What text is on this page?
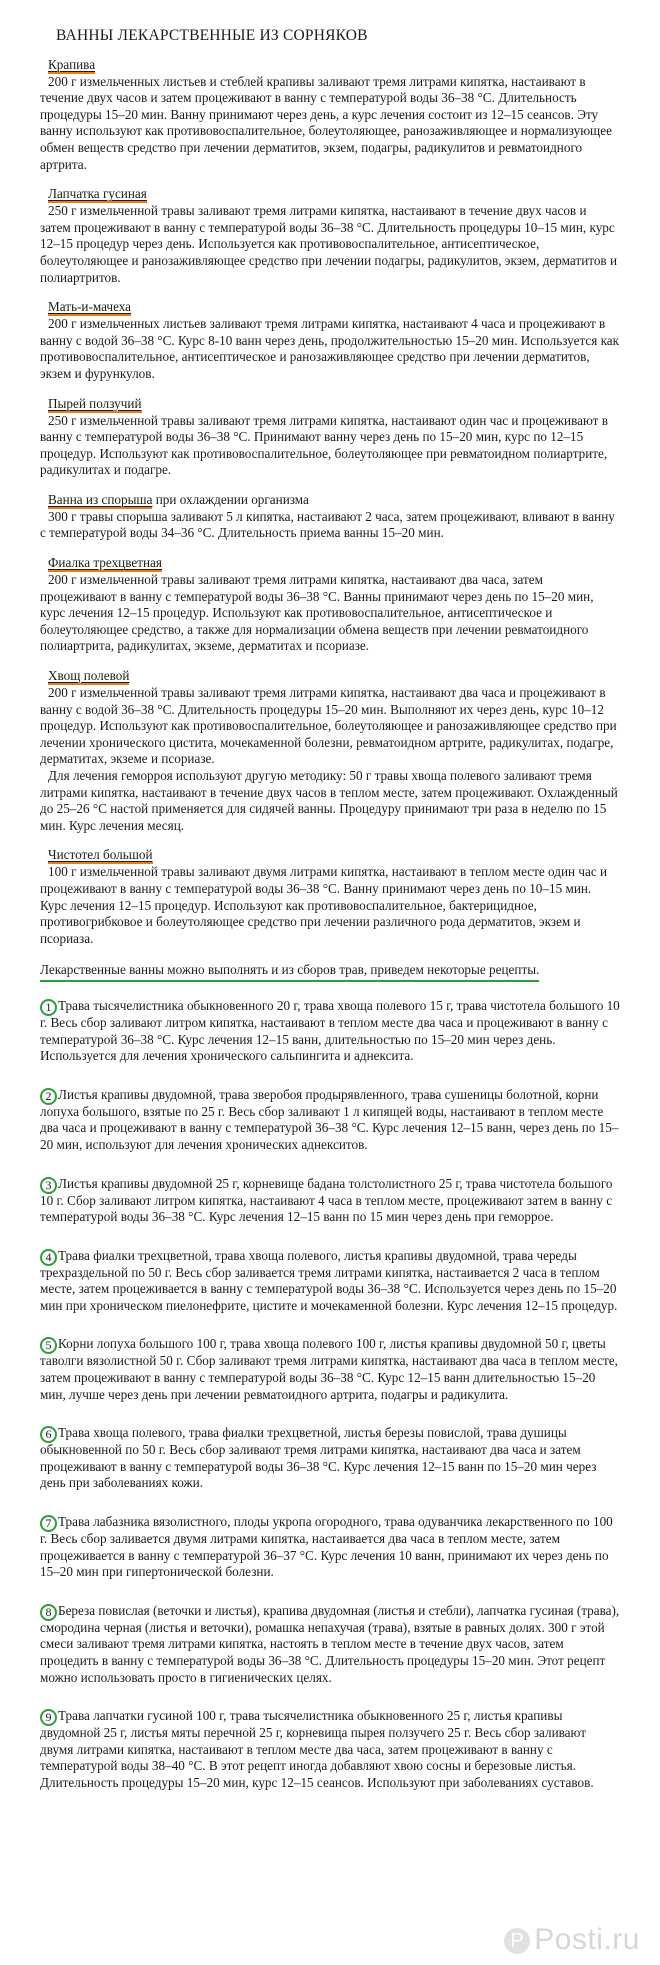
ВАННЫ ЛЕКАРСТВЕННЫЕ ИЗ СОРНЯКОВ
Крапива

200 г измельченных листьев и стеблей крапивы заливают тремя литрами кипятка, настаивают в течение двух часов и затем процеживают в ванну с температурой воды 36–38 °C. Длительность процедуры 15–20 мин. Ванну принимают через день, а курс лечения состоит из 12–15 сеансов. Эту ванну используют как противовоспалительное, болеутоляющее, ранозаживляющее и нормализующее обмен веществ средство при лечении дерматитов, экзем, подагры, радикулитов и ревматоидного артрита.

Лапчатка гусиная

250 г измельченной травы заливают тремя литрами кипятка, настаивают в течение двух часов и затем процеживают в ванну с температурой воды 36–38 °C. Длительность процедуры 10–15 мин, курс 12–15 процедур через день. Используется как противовоспалительное, антисептическое, болеутоляющее и ранозаживляющее средство при лечении подагры, радикулитов, экзем, дерматитов и полиартритов.

Мать-и-мачеха

200 г измельченных листьев заливают тремя литрами кипятка, настаивают 4 часа и процеживают в ванну с водой 36–38 °C. Курс 8-10 ванн через день, продолжительностью 15–20 мин. Используется как противовоспалительное, антисептическое и ранозаживляющее средство при лечении дерматитов, экзем и фурункулов.

Пырей ползучий

250 г измельченной травы заливают тремя литрами кипятка, настаивают один час и процеживают в ванну с температурой воды 36–38 °C. Принимают ванну через день по 15–20 мин, курс по 12–15 процедур. Используют как противовоспалительное, болеутоляющее при ревматоидном полиартрите, радикулитах и подагре.

Ванна из спорыша при охлаждении организма

300 г травы спорыша заливают 5 л кипятка, настаивают 2 часа, затем процеживают, вливают в ванну с температурой воды 34–36 °C. Длительность приема ванны 15–20 мин.

Фиалка трехцветная

200 г измельченной травы заливают тремя литрами кипятка, настаивают два часа, затем процеживают в ванну с температурой воды 36–38 °C. Ванны принимают через день по 15–20 мин, курс лечения 12–15 процедур. Используют как противовоспалительное, антисептическое и болеутоляющее средство, а также для нормализации обмена веществ при лечении ревматоидного полиартрита, радикулитах, экземе, дерматитах и псориазе.

Хвощ полевой

200 г измельченной травы заливают тремя литрами кипятка, настаивают два часа и процеживают в ванну с водой 36–38 °C. Длительность процедуры 15–20 мин. Выполняют их через день, курс 10–12 процедур. Используют как противовоспалительное, болеутоляющее и ранозаживляющее средство при лечении хронического цистита, мочекаменной болезни, ревматоидном артрите, радикулитах, подагре, дерматитах, экземе и псориазе.

Для лечения геморроя используют другую методику: 50 г травы хвоща полевого заливают тремя литрами кипятка, настаивают в течение двух часов в теплом месте, затем процеживают. Охлажденный до 25–26 °C настой применяется для сидячей ванны. Процедуру принимают три раза в неделю по 15 мин. Курс лечения месяц.

Чистотел большой

100 г измельченной травы заливают двумя литрами кипятка, настаивают в теплом месте один час и процеживают в ванну с температурой воды 36–38 °C. Ванну принимают через день по 10–15 мин. Курс лечения 12–15 процедур. Используют как противовоспалительное, бактерицидное, противогрибковое и болеутоляющее средство при лечении различного рода дерматитов, экзем и псориаза.

Лекарственные ванны можно выполнять и из сборов трав, приведем некоторые рецепты.

1 Трава тысячелистника обыкновенного 20 г, трава хвоща полевого 15 г, трава чистотела большого 10 г. Весь сбор заливают литром кипятка, настаивают в теплом месте два часа и процеживают в ванну с температурой 36–38 °C. Курс лечения 12–15 ванн, длительностью по 15–20 мин через день. Используется для лечения хронического сальпингита и аднексита.

2 Листья крапивы двудомной, трава зверобоя продырявленного, трава сушеницы болотной, корни лопуха большого, взятые по 25 г. Весь сбор заливают 1 л кипящей воды, настаивают в теплом месте два часа и процеживают в ванну с температурой 36–38 °C. Курс лечения 12–15 ванн, через день по 15–20 мин, используют для лечения хронических аднекситов.

3 Листья крапивы двудомной 25 г, корневище бадана толстолистного 25 г, трава чистотела большого 10 г. Сбор заливают литром кипятка, настаивают 4 часа в теплом месте, процеживают затем в ванну с температурой воды 36–38 °C. Курс лечения 12–15 ванн по 15 мин через день при геморрое.

4 Трава фиалки трехцветной, трава хвоща полевого, листья крапивы двудомной, трава череды трехраздельной по 50 г. Весь сбор заливается тремя литрами кипятка, настаивается 2 часа в теплом месте, затем процеживается в ванну с температурой воды 36–38 °C. Используется через день по 15–20 мин при хроническом пиелонефрите, цистите и мочекаменной болезни. Курс лечения 12–15 процедур.

5 Корни лопуха большого 100 г, трава хвоща полевого 100 г, листья крапивы двудомной 50 г, цветы таволги вязолистной 50 г. Сбор заливают тремя литрами кипятка, настаивают два часа в теплом месте, затем процеживают в ванну с температурой воды 36–38 °C. Курс 12–15 ванн длительностью 15–20 мин, лучше через день при лечении ревматоидного артрита, подагры и радикулита.

6 Трава хвоща полевого, трава фиалки трехцветной, листья березы повислой, трава душицы обыкновенной по 50 г. Весь сбор заливают тремя литрами кипятка, настаивают два часа и затем процеживают в ванну с температурой воды 36–38 °C. Курс лечения 12–15 ванн по 15–20 мин через день при заболеваниях кожи.

7 Трава лабазника вязолистного, плоды укропа огородного, трава одуванчика лекарственного по 100 г. Весь сбор заливается двумя литрами кипятка, настаивается два часа в теплом месте, затем процеживается в ванну с температурой 36–37 °C. Курс лечения 10 ванн, принимают их через день по 15–20 мин при гипертонической болезни.

8 Береза повислая (веточки и листья), крапива двудомная (листья и стебли), лапчатка гусиная (трава), смородина черная (листья и веточки), ромашка непахучая (трава), взятые в равных долях. 300 г этой смеси заливают тремя литрами кипятка, настоять в теплом месте в течение двух часов, затем процедить в ванну с температурой воды 36–38 °C. Длительность процедуры 15–20 мин. Этот рецепт можно использовать просто в гигиенических целях.

9 Трава лапчатки гусиной 100 г, трава тысячелистника обыкновенного 25 г, листья крапивы двудомной 25 г, листья мяты перечной 25 г, корневища пырея ползучего 25 г. Весь сбор заливают двумя литрами кипятка, настаивают в теплом месте два часа, затем процеживают в ванну с температурой воды 38–40 °C. В этот рецепт иногда добавляют хвою сосны и березовые листья. Длительность процедуры 15–20 мин, курс 12–15 сеансов. Используют при заболеваниях суставов.

P Posti.ru
